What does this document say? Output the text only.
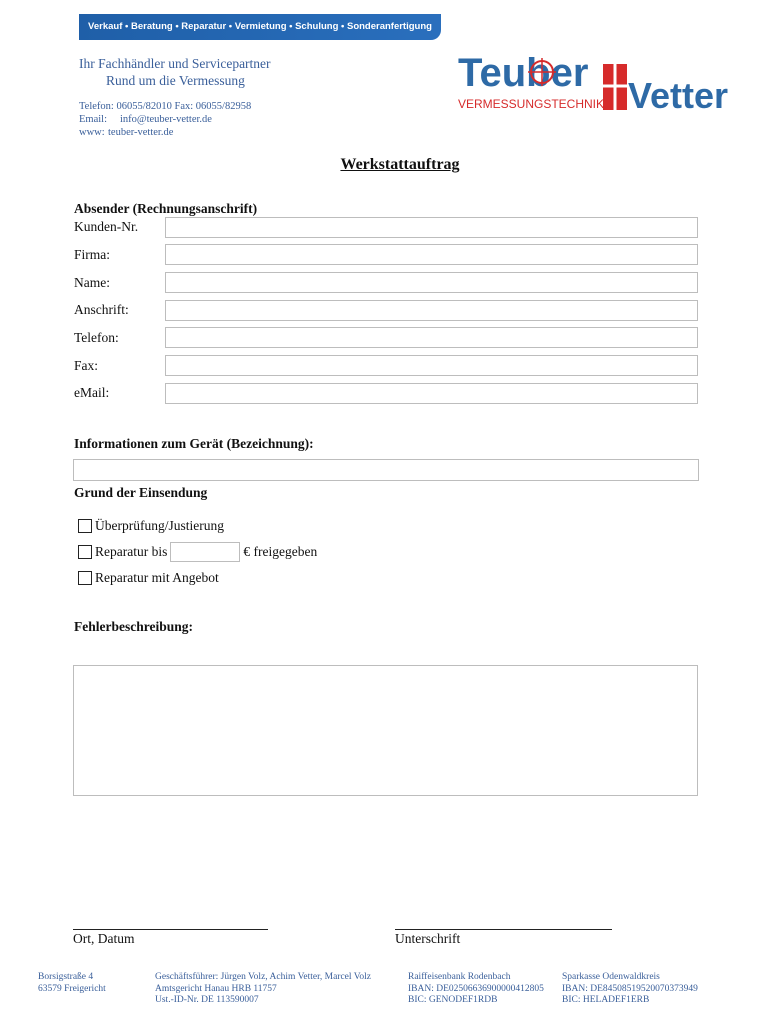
Verkauf • Beratung • Reparatur • Vermietung • Schulung • Sonderanfertigung
Ihr Fachhändler und Servicepartner
Rund um die Vermessung
Telefon: 06055/82010 Fax: 06055/82958
Email: info@teuber-vetter.de
www: teuber-vetter.de
Teuber
VERMESSUNGSTECHNIK Vetter
Werkstattauftrag
Absender (Rechnungsanschrift)
Kunden-Nr.
Firma:
Name:
Anschrift:
Telefon:
Fax:
eMail:
Informationen zum Gerät (Bezeichnung):
Grund der Einsendung
Überprüfung/Justierung
Reparatur bis	€ freigegeben
Reparatur mit Angebot
Fehlerbeschreibung:
Ort, Datum	Unterschrift
Borsigstraße 4
63579 Freigericht
Geschäftsführer: Jürgen Volz, Achim Vetter, Marcel Volz
Amtsgericht Hanau HRB 11757
Ust.-ID-Nr. DE 113590007
Raiffeisenbank Rodenbach
IBAN: DE02506636900000412805
BIC: GENODEF1RDB
Sparkasse Odenwaldkreis
IBAN: DE84508519520070373949
BIC: HELADEF1ERB
